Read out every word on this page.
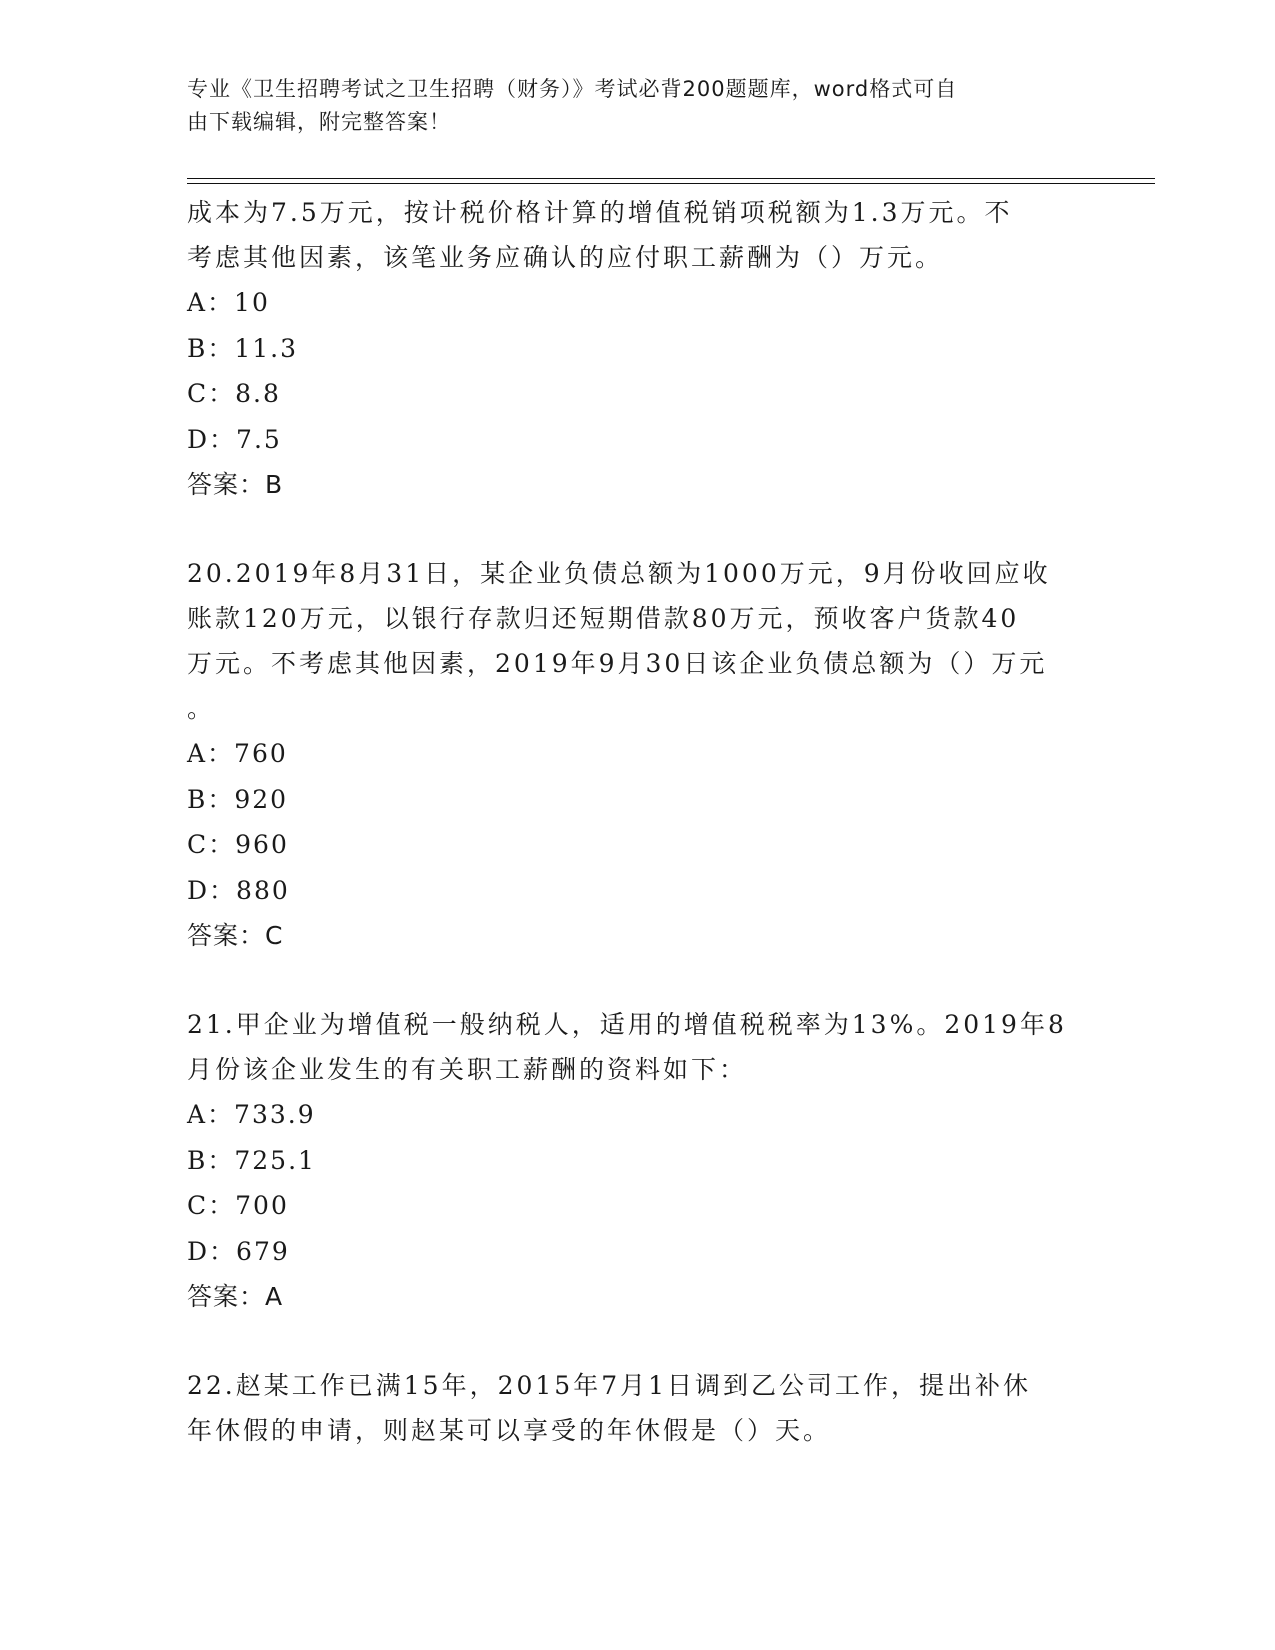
专业《卫生招聘考试之卫生招聘（财务）》考试必背200题题库，word格式可自
由下载编辑，附完整答案！
成本为7.5万元，按计税价格计算的增值税销项税额为1.3万元。不
考虑其他因素，该笔业务应确认的应付职工薪酬为（）万元。
A：10
B：11.3
C：8.8
D：7.5
答案：B
20.2019年8月31日，某企业负债总额为1000万元，9月份收回应收
账款120万元，以银行存款归还短期借款80万元，预收客户货款40
万元。不考虑其他因素，2019年9月30日该企业负债总额为（）万元
。
A：760
B：920
C：960
D：880
答案：C
21.甲企业为增值税一般纳税人，适用的增值税税率为13%。2019年8
月份该企业发生的有关职工薪酬的资料如下：
A：733.9
B：725.1
C：700
D：679
答案：A
22.赵某工作已满15年，2015年7月1日调到乙公司工作，提出补休
年休假的申请，则赵某可以享受的年休假是（）天。
